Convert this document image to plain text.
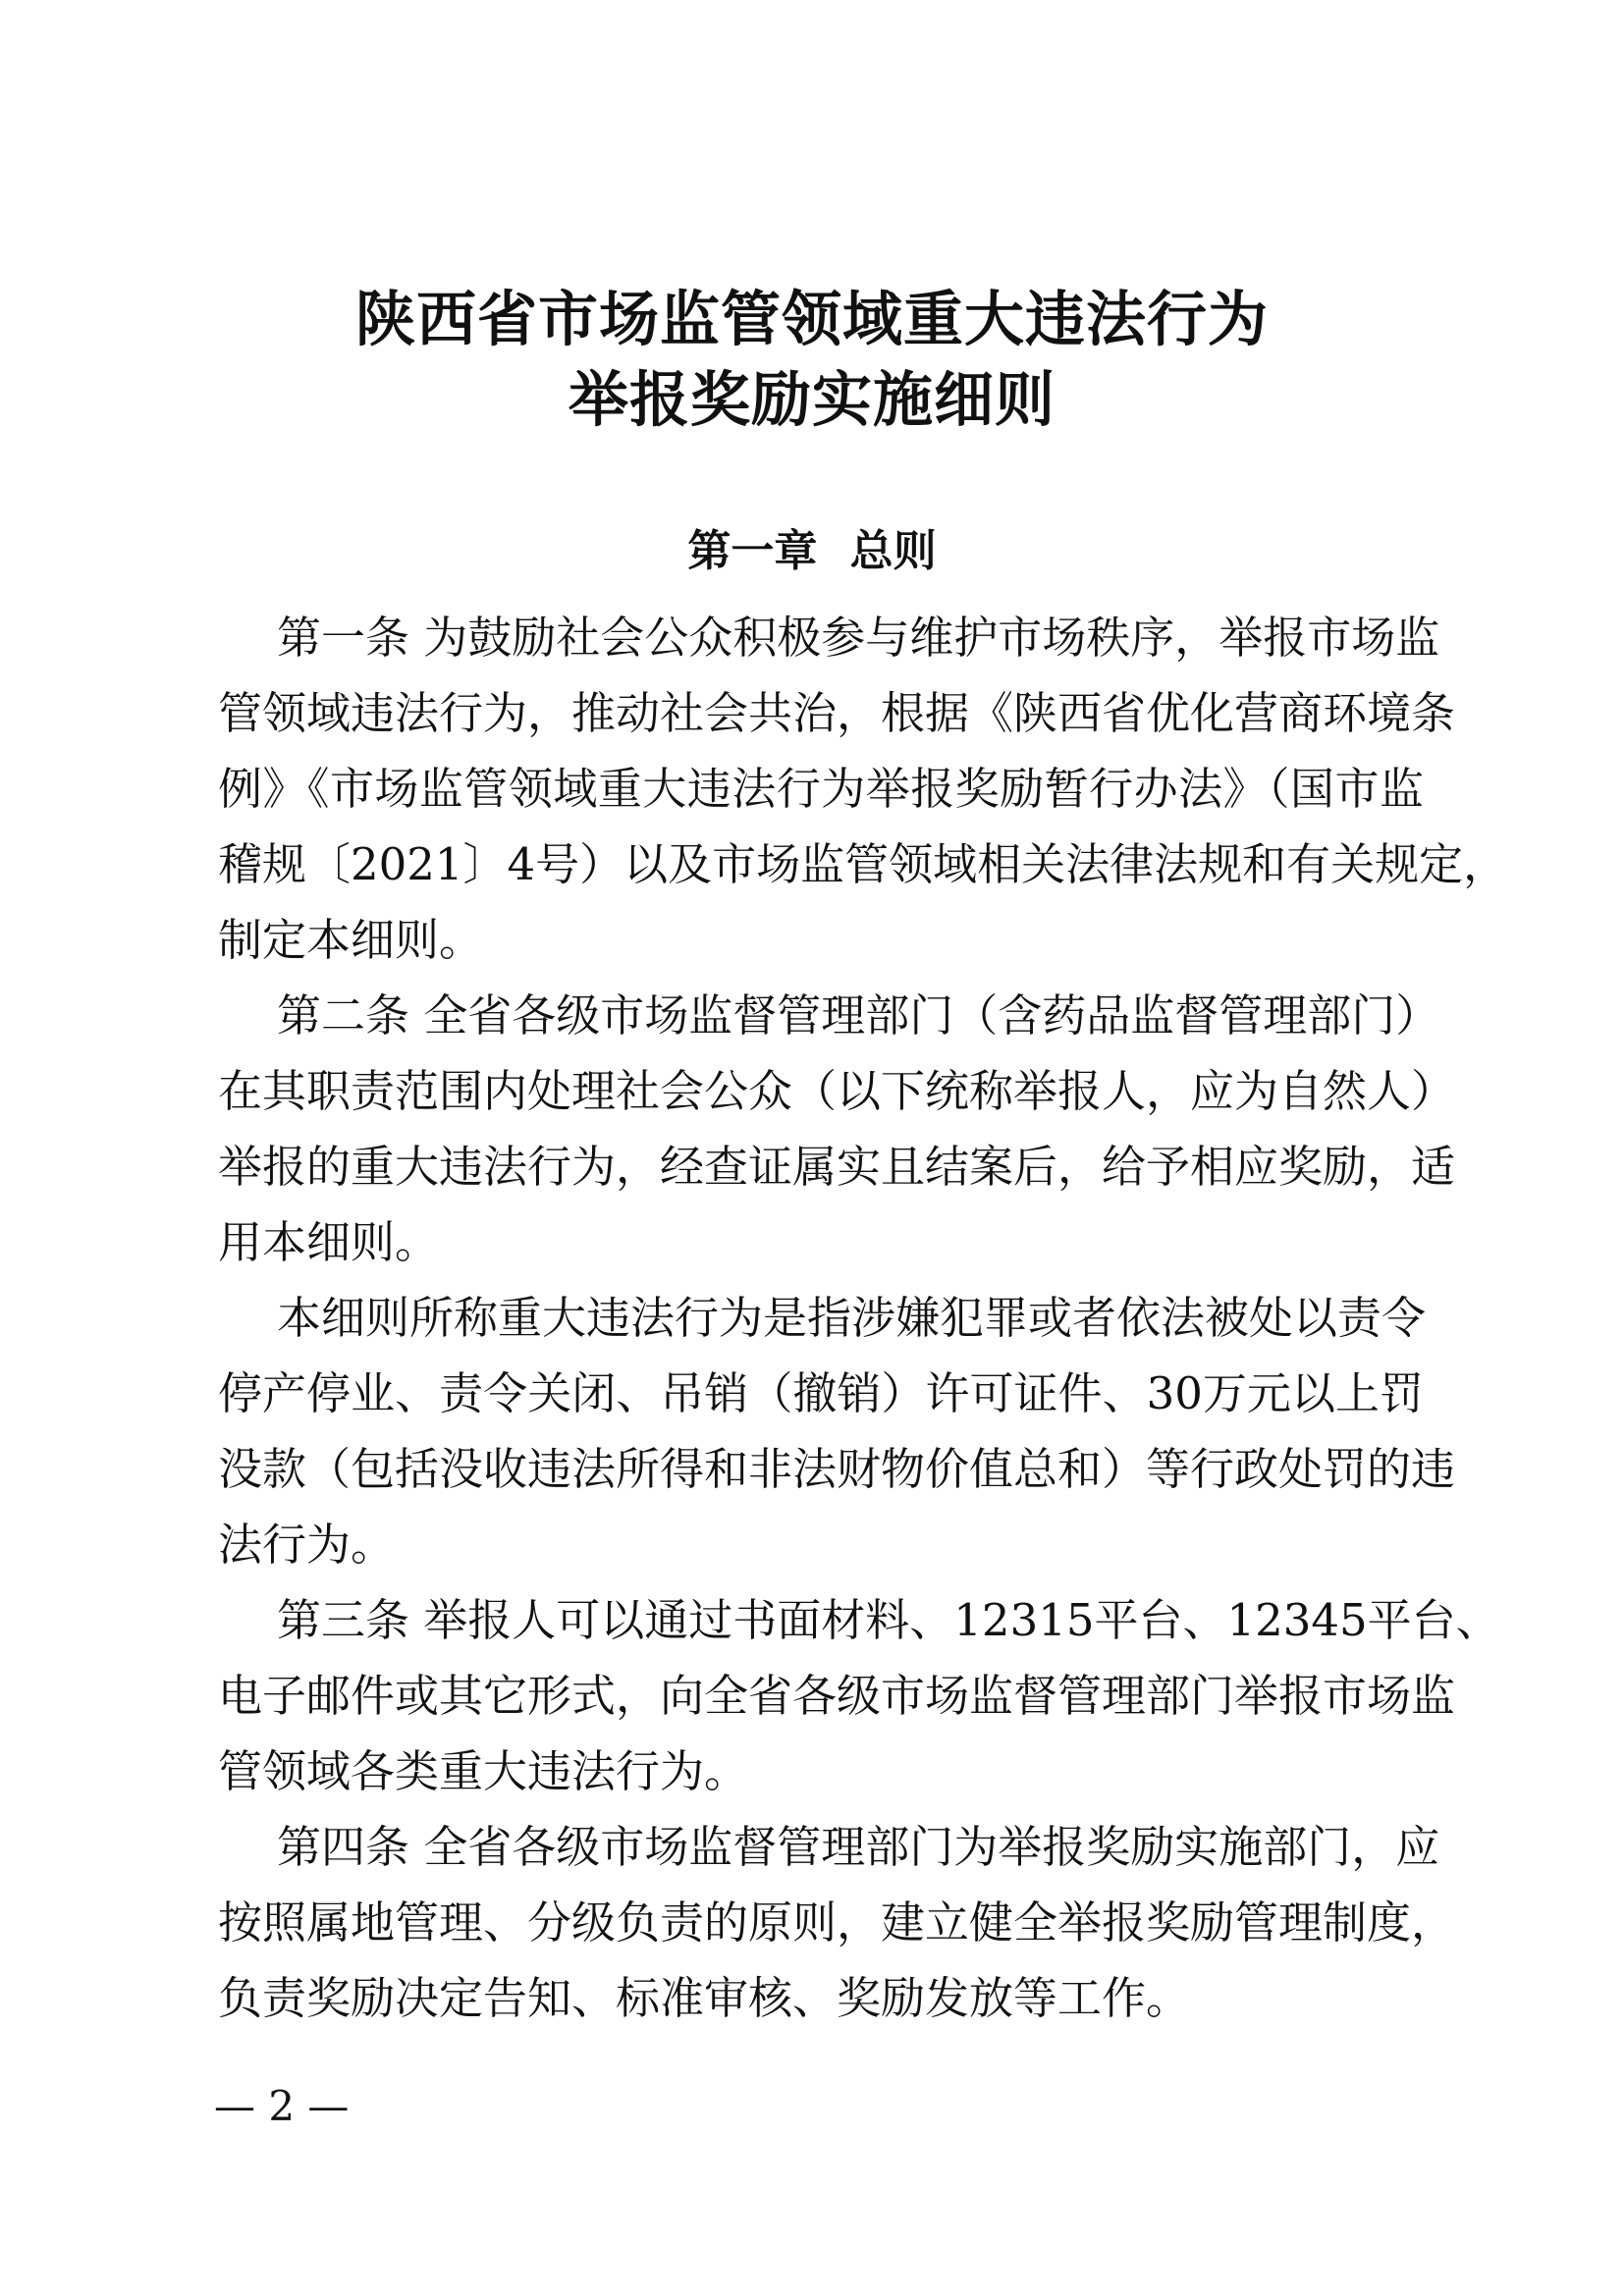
陕西省市场监管领域重大违法行为
举报奖励实施细则
第一章 总则

第一条 为鼓励社会公众积极参与维护市场秩序，举报市场监

管领域违法行为，推动社会共治，根据《陕西省优化营商环境条

例》《市场监管领域重大违法行为举报奖励暂行办法》（国市监

稽规〔2021〕4号）以及市场监管领域相关法律法规和有关规定，

制定本细则。

第二条 全省各级市场监督管理部门（含药品监督管理部门）

在其职责范围内处理社会公众（以下统称举报人，应为自然人）

举报的重大违法行为，经查证属实且结案后，给予相应奖励，适

用本细则。

本细则所称重大违法行为是指涉嫌犯罪或者依法被处以责令

停产停业、责令关闭、吊销（撤销）许可证件、30万元以上罚

没款（包括没收违法所得和非法财物价值总和）等行政处罚的违

法行为。

第三条 举报人可以通过书面材料、12315平台、12345平台、

电子邮件或其它形式，向全省各级市场监督管理部门举报市场监

管领域各类重大违法行为。

第四条 全省各级市场监督管理部门为举报奖励实施部门，应

按照属地管理、分级负责的原则，建立健全举报奖励管理制度，

负责奖励决定告知、标准审核、奖励发放等工作。

— 2 —
